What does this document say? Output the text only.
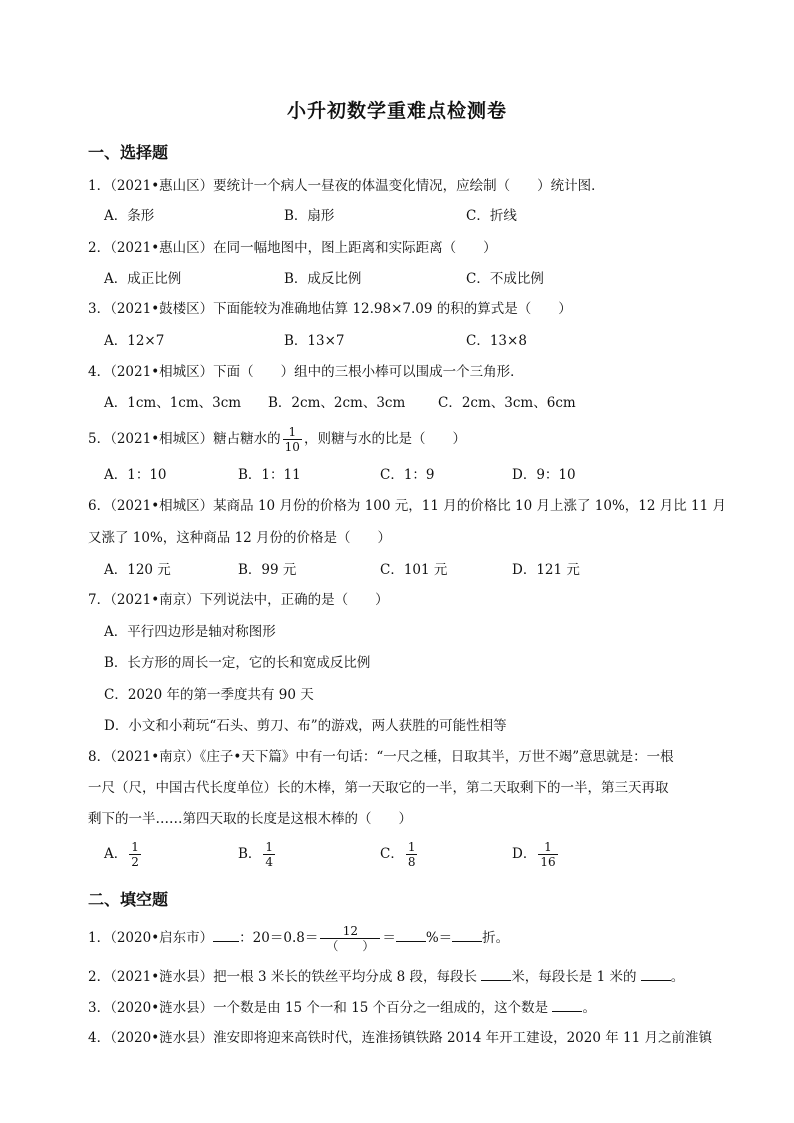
小升初数学重难点检测卷
一、选择题
1．（2021•惠山区）要统计一个病人一昼夜的体温变化情况，应绘制（　　）统计图．
A．条形	B．扇形	C．折线
2．（2021•惠山区）在同一幅地图中，图上距离和实际距离（　　）
A．成正比例	B．成反比例	C．不成比例
3．（2021•鼓楼区）下面能较为准确地估算 12.98×7.09 的积的算式是（　　）
A．12×7	B．13×7	C．13×8
4．（2021•相城区）下面（　　）组中的三根小棒可以围成一个三角形．
A．1cm、1cm、3cm B．2cm、2cm、3cm C．2cm、3cm、6cm
5．（2021•相城区）糖占糖水的 $\frac{1}{10}$ ，则糖与水的比是（　　）
A．1：10	B．1：11	C．1：9	D．9：10
6．（2021•相城区）某商品 10 月份的价格为 100 元，11 月的价格比 10 月上涨了 10%，12 月比 11 月
又涨了 10%，这种商品 12 月份的价格是（　　）
A．120 元	B．99 元	C．101 元	D．121 元
7．（2021•南京）下列说法中，正确的是（　　）
A．平行四边形是轴对称图形
B．长方形的周长一定，它的长和宽成反比例
C．2020 年的第一季度共有 90 天
D．小文和小莉玩“石头、剪刀、布”的游戏，两人获胜的可能性相等
8．（2021•南京）《庄子•天下篇》中有一句话：“一尺之棰，日取其半，万世不竭”意思就是：一根
一尺（尺，中国古代长度单位）长的木棒，第一天取它的一半，第二天取剩下的一半，第三天再取
剩下的一半……第四天取的长度是这根木棒的（　　）
A． $\frac{1}{2}$	B． $\frac{1}{4}$	C． $\frac{1}{8}$	D． $\frac{1}{16}$
二、填空题
1．（2020•启东市） ：$20=0.8= \frac{12}{( )}$ ＝ %＝ 折。
2．（2021•涟水县）把一根 3 米长的铁丝平均分成 8 段，每段长 米，每段长是 1 米的 。
3．（2020•涟水县）一个数是由 15 个一和 15 个百分之一组成的，这个数是 。
4．（2020•涟水县）淮安即将迎来高铁时代，连淮扬镇铁路 2014 年开工建设，2020 年 11 月之前淮镇
